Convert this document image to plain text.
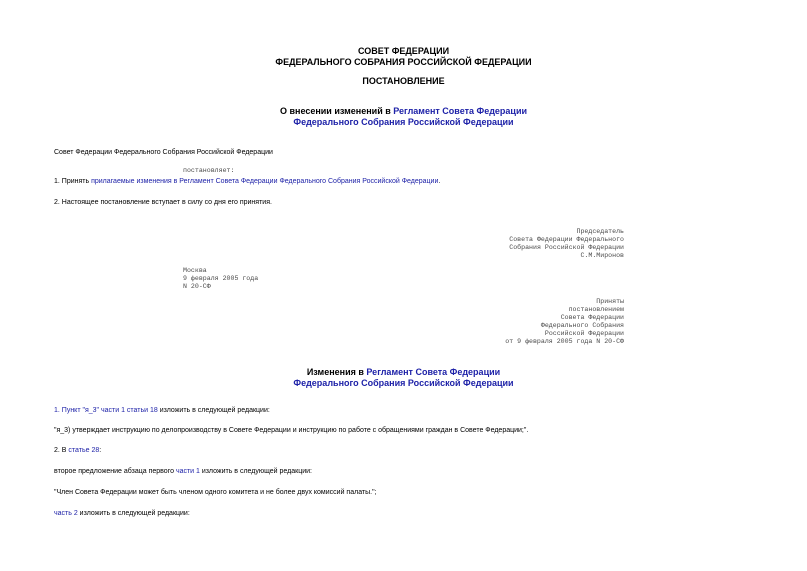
СОВЕТ ФЕДЕРАЦИИ
ФЕДЕРАЛЬНОГО СОБРАНИЯ РОССИЙСКОЙ ФЕДЕРАЦИИ
ПОСТАНОВЛЕНИЕ
О внесении изменений в Регламент Совета Федерации
Федерального Собрания Российской Федерации
Совет Федерации Федерального Собрания Российской Федерации
постановляет:
1. Принять прилагаемые изменения в Регламент Совета Федерации Федерального Собрания Российской Федерации.
2. Настоящее постановление вступает в силу со дня его принятия.
Председатель
Совета Федерации Федерального
Собрания Российской Федерации
С.М.Миронов
Москва
9 февраля 2005 года
N 20-СФ
Приняты
постановлением
Совета Федерации
Федерального Собрания
Российской Федерации
от 9 февраля 2005 года N 20-СФ
Изменения в Регламент Совета Федерации
Федерального Собрания Российской Федерации
1. Пункт "я_3" части 1 статьи 18 изложить в следующей редакции:
"я_3) утверждает инструкцию по делопроизводству в Совете Федерации и инструкцию по работе с обращениями граждан в Совете Федерации;".
2. В статье 28:
второе предложение абзаца первого части 1 изложить в следующей редакции:
"Член Совета Федерации может быть членом одного комитета и не более двух комиссий палаты.";
часть 2 изложить в следующей редакции:
